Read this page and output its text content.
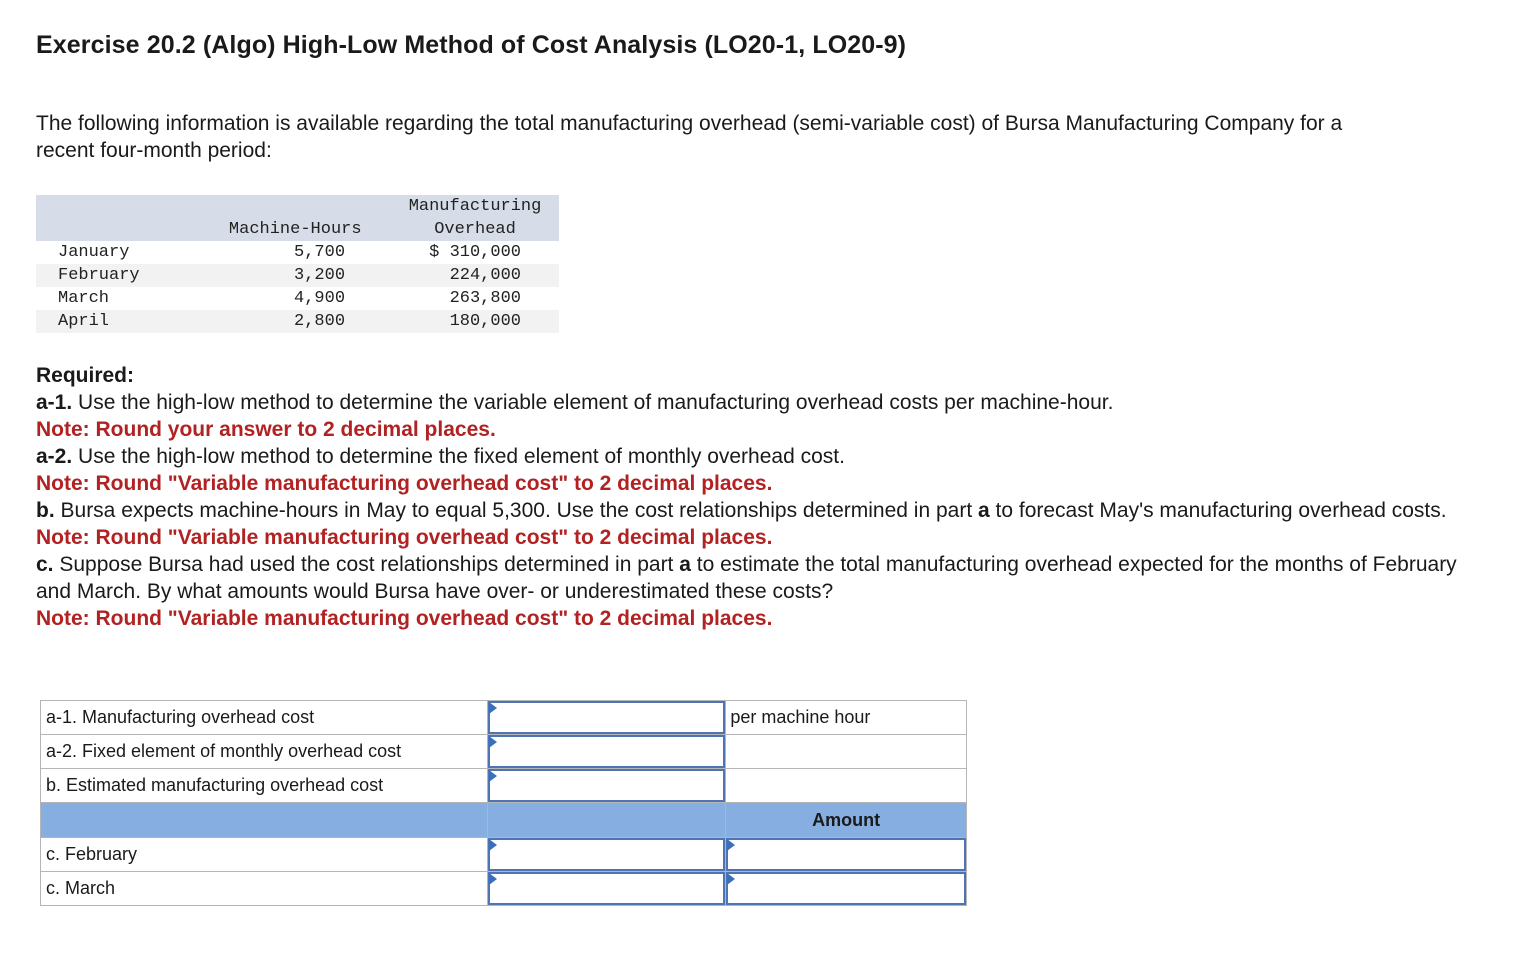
Exercise 20.2 (Algo) High-Low Method of Cost Analysis (LO20-1, LO20-9)

The following information is available regarding the total manufacturing overhead (semi-variable cost) of Bursa Manufacturing Company for a recent four-month period:

	Machine-Hours	Manufacturing
Overhead

January	5,700	$ 310,000
February	3,200	224,000
March	4,900	263,800
April	2,800	180,000

Required:

a-1. Use the high-low method to determine the variable element of manufacturing overhead costs per machine-hour.

Note: Round your answer to 2 decimal places.

a-2. Use the high-low method to determine the fixed element of monthly overhead cost.

Note: Round "Variable manufacturing overhead cost" to 2 decimal places.

b. Bursa expects machine-hours in May to equal 5,300. Use the cost relationships determined in part a to forecast May's manufacturing overhead costs.

Note: Round "Variable manufacturing overhead cost" to 2 decimal places.

c. Suppose Bursa had used the cost relationships determined in part a to estimate the total manufacturing overhead expected for the months of February and March. By what amounts would Bursa have over- or underestimated these costs?

Note: Round "Variable manufacturing overhead cost" to 2 decimal places.

a-1. Manufacturing overhead cost		per machine hour
a-2. Fixed element of monthly overhead cost	

b. Estimated manufacturing overhead cost	

		Amount

c. February	

c. March	
